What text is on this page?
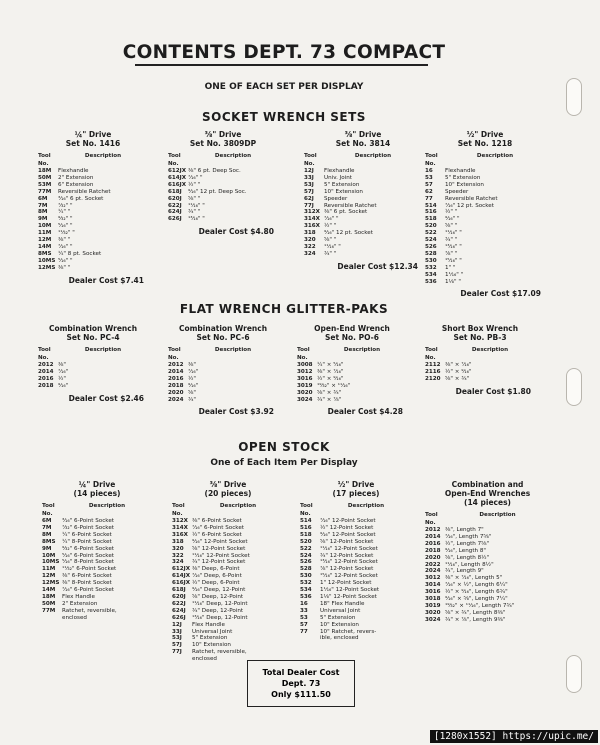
CONTENTS DEPT. 73 COMPACT
ONE OF EACH SET PER DISPLAY
SOCKET WRENCH SETS
¼" Drive
Set No. 1416
Tool No.
Description
18M	Flexhandle
50M	2" Extension
53M	6" Extension
77M	Reversible Ratchet
6M	³⁄₁₆" 6 pt. Socket
7M	⁷⁄₃₂" "
8M	¼" "
9M	⁹⁄₃₂" "
10M	⁵⁄₁₆" "
11M	¹¹⁄₃₂" "
12M	⅜" "
14M	⁷⁄₁₆" "
8MS	¼" 8 pt. Socket
10MS ⁵⁄₁₆" "
12MS ⅜" "
Dealer Cost $7.41
⅜" Drive
Set No. 3809DP
Tool No.
Description
612JX ⅜" 6 pt. Deep Soc.
614JX ⁷⁄₁₆" "
616JX ½" "
618J	⁹⁄₁₆" 12 pt. Deep Soc.
620J	⅝" "
622J	¹¹⁄₁₆" "
624J	¾" "
626J	¹³⁄₁₆" "
Dealer Cost $4.80
⅜" Drive
Set No. 3814
Tool No.
Description
12J	Flexhandle
33J	Univ. Joint
53J	5" Extension
57J	10" Extension
62J	Speeder
77J	Reversible Ratchet
312X ⅜" 6 pt. Socket
314X ⁷⁄₁₆" "
316X ½" "
318	⁹⁄₁₆" 12 pt. Socket
320	⅝" "
322	¹¹⁄₁₆" "
324	¾" "
Dealer Cost $12.34
½" Drive
Set No. 1218
Tool No.
Description
16	Flexhandle
53	5" Extension
57	10" Extension
62	Speeder
77	Reversible Ratchet
514	⁷⁄₁₆" 12 pt. Socket
516	½" "
518	⁹⁄₁₆" "
520	⅝" "
522	¹¹⁄₁₆" "
524	¾" "
526	¹³⁄₁₆" "
528	⅞" "
530	¹⁵⁄₁₆" "
532	1" "
534	1¹⁄₁₆" "
536	1⅛" "
Dealer Cost $17.09
FLAT WRENCH GLITTER-PAKS
Combination Wrench
Set No. PC-4
Tool No.
Description
2012 ⅜"
2014 ⁷⁄₁₆"
2016 ½"
2018 ⁹⁄₁₆"
Dealer Cost $2.46
Combination Wrench
Set No. PC-6
Tool No.
Description
2012 ⅜"
2014 ⁷⁄₁₆"
2016 ½"
2018 ⁹⁄₁₆"
2020 ⅝"
2024 ¾"
Dealer Cost $3.92
Open-End Wrench
Set No. PO-6
Tool No.
Description
3008 ¼" × ⁵⁄₁₆"
3012 ⅜" × ⁷⁄₁₆"
3016 ½" × ⁹⁄₁₆"
3019 ¹⁹⁄₃₂" × ¹¹⁄₁₆"
3020 ⅝" × ¾"
3024 ¾" × ⅞"
Dealer Cost $4.28
Short Box Wrench
Set No. PB-3
Tool No.
Description
2112 ⅜" × ⁷⁄₁₆"
2116 ½" × ⁹⁄₁₆"
2120 ⅝" × ¾"
Dealer Cost $1.80
OPEN STOCK
One of Each Item Per Display
¼" Drive
(14 pieces)
Tool No.
Description
6M	³⁄₁₆" 6-Point Socket
7M	⁷⁄₃₂" 6-Point Socket
8M	¼" 6-Point Socket
8MS	¼" 8-Point Socket
9M	⁹⁄₃₂" 6-Point Socket
10M	⁵⁄₁₆" 6-Point Socket
10MS ⁵⁄₁₆" 8-Point Socket
11M	¹¹⁄₃₂" 6-Point Socket
12M	⅜" 6-Point Socket
12MS ⅜" 8-Point Socket
14M	⁷⁄₁₆" 6-Point Socket
18M	Flex Handle
50M	2" Extension
77M	Ratchet, reversible,
enclosed
⅜" Drive
(20 pieces)
Tool No.
Description
312X ⅜" 6-Point Socket
314X ⁷⁄₁₆" 6-Point Socket
316X ½" 6-Point Socket
318	⁹⁄₁₆" 12-Point Socket
320	⅝" 12-Point Socket
322	¹¹⁄₁₆" 12-Point Socket
324	¾" 12-Point Socket
612JX ⅜" Deep, 6-Point
614JX ⁷⁄₁₆" Deep, 6-Point
616JX ½" Deep, 6-Point
618J	⁹⁄₁₆" Deep, 12-Point
620J	⅝" Deep, 12-Point
622J	¹¹⁄₁₆" Deep, 12-Point
624J	¾" Deep, 12-Point
626J	¹³⁄₁₆" Deep, 12-Point
12J	Flex Handle
33J	Universal Joint
53J	5" Extension
57J	10" Extension
77J	Ratchet, reversible,
enclosed
½" Drive
(17 pieces)
Tool No.
Description
514	⁷⁄₁₆" 12-Point Socket
516	½" 12-Point Socket
518	⁹⁄₁₆" 12-Point Socket
520	⅝" 12-Point Socket
522	¹¹⁄₁₆" 12-Point Socket
524	¾" 12-Point Socket
526	¹³⁄₁₆" 12-Point Socket
528	⅞" 12-Point Socket
530	¹⁵⁄₁₆" 12-Point Socket
532	1" 12-Point Socket
534	1¹⁄₁₆" 12-Point Socket
536	1⅛" 12-Point Socket
16	18" Flex Handle
33	Universal Joint
53	5" Extension
57	10" Extension
77	10" Ratchet, revers-
ible, enclosed
Combination and
Open-End Wrenches
(14 pieces)
Tool No.
Description
2012 ⅜", Length 7"
2014 ⁷⁄₁₆", Length 7⅝"
2016 ½", Length 7⅝"
2018 ⁹⁄₁₆", Length 8"
2020 ⅝", Length 8½"
2022 ¹¹⁄₁₆", Length 8½"
2024 ¾", Length 9"
3012 ⅜" × ⁷⁄₁₆", Length 5"
3014 ⁷⁄₁₆" × ½", Length 6¼"
3016 ½" × ⁹⁄₁₆", Length 6¾"
3018 ⁹⁄₁₆" × ⅝", Length 7¼"
3019 ¹⁹⁄₃₂" × ¹¹⁄₁₆", Length 7¾"
3020 ⅝" × ¾", Length 8⅜"
3024 ¾" × ⅞", Length 9⅜"
Total Dealer Cost
Dept. 73
Only $111.50
[1280x1552] https://upic.me/
